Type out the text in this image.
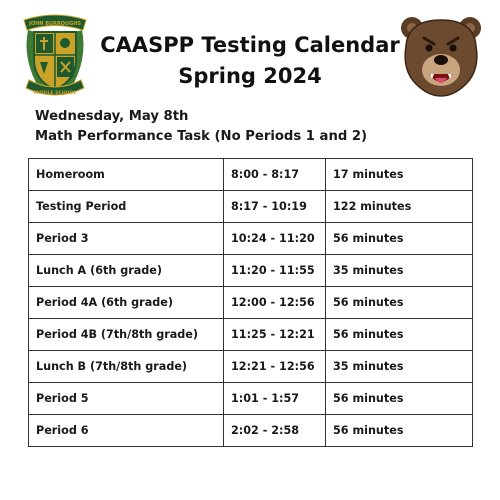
JOHN BURROUGHS
MIDDLE SCHOOL
CAASPP Testing Calendar
Spring 2024
Wednesday, May 8th
Math Performance Task (No Periods 1 and 2)
Homeroom	8:00 - 8:17	17 minutes
Testing Period	8:17 - 10:19	122 minutes
Period 3	10:24 - 11:20	56 minutes
Lunch A (6th grade)	11:20 - 11:55	35 minutes
Period 4A (6th grade)	12:00 - 12:56	56 minutes
Period 4B (7th/8th grade)	11:25 - 12:21	56 minutes
Lunch B (7th/8th grade)	12:21 - 12:56	35 minutes
Period 5	1:01 - 1:57	56 minutes
Period 6	2:02 - 2:58	56 minutes
